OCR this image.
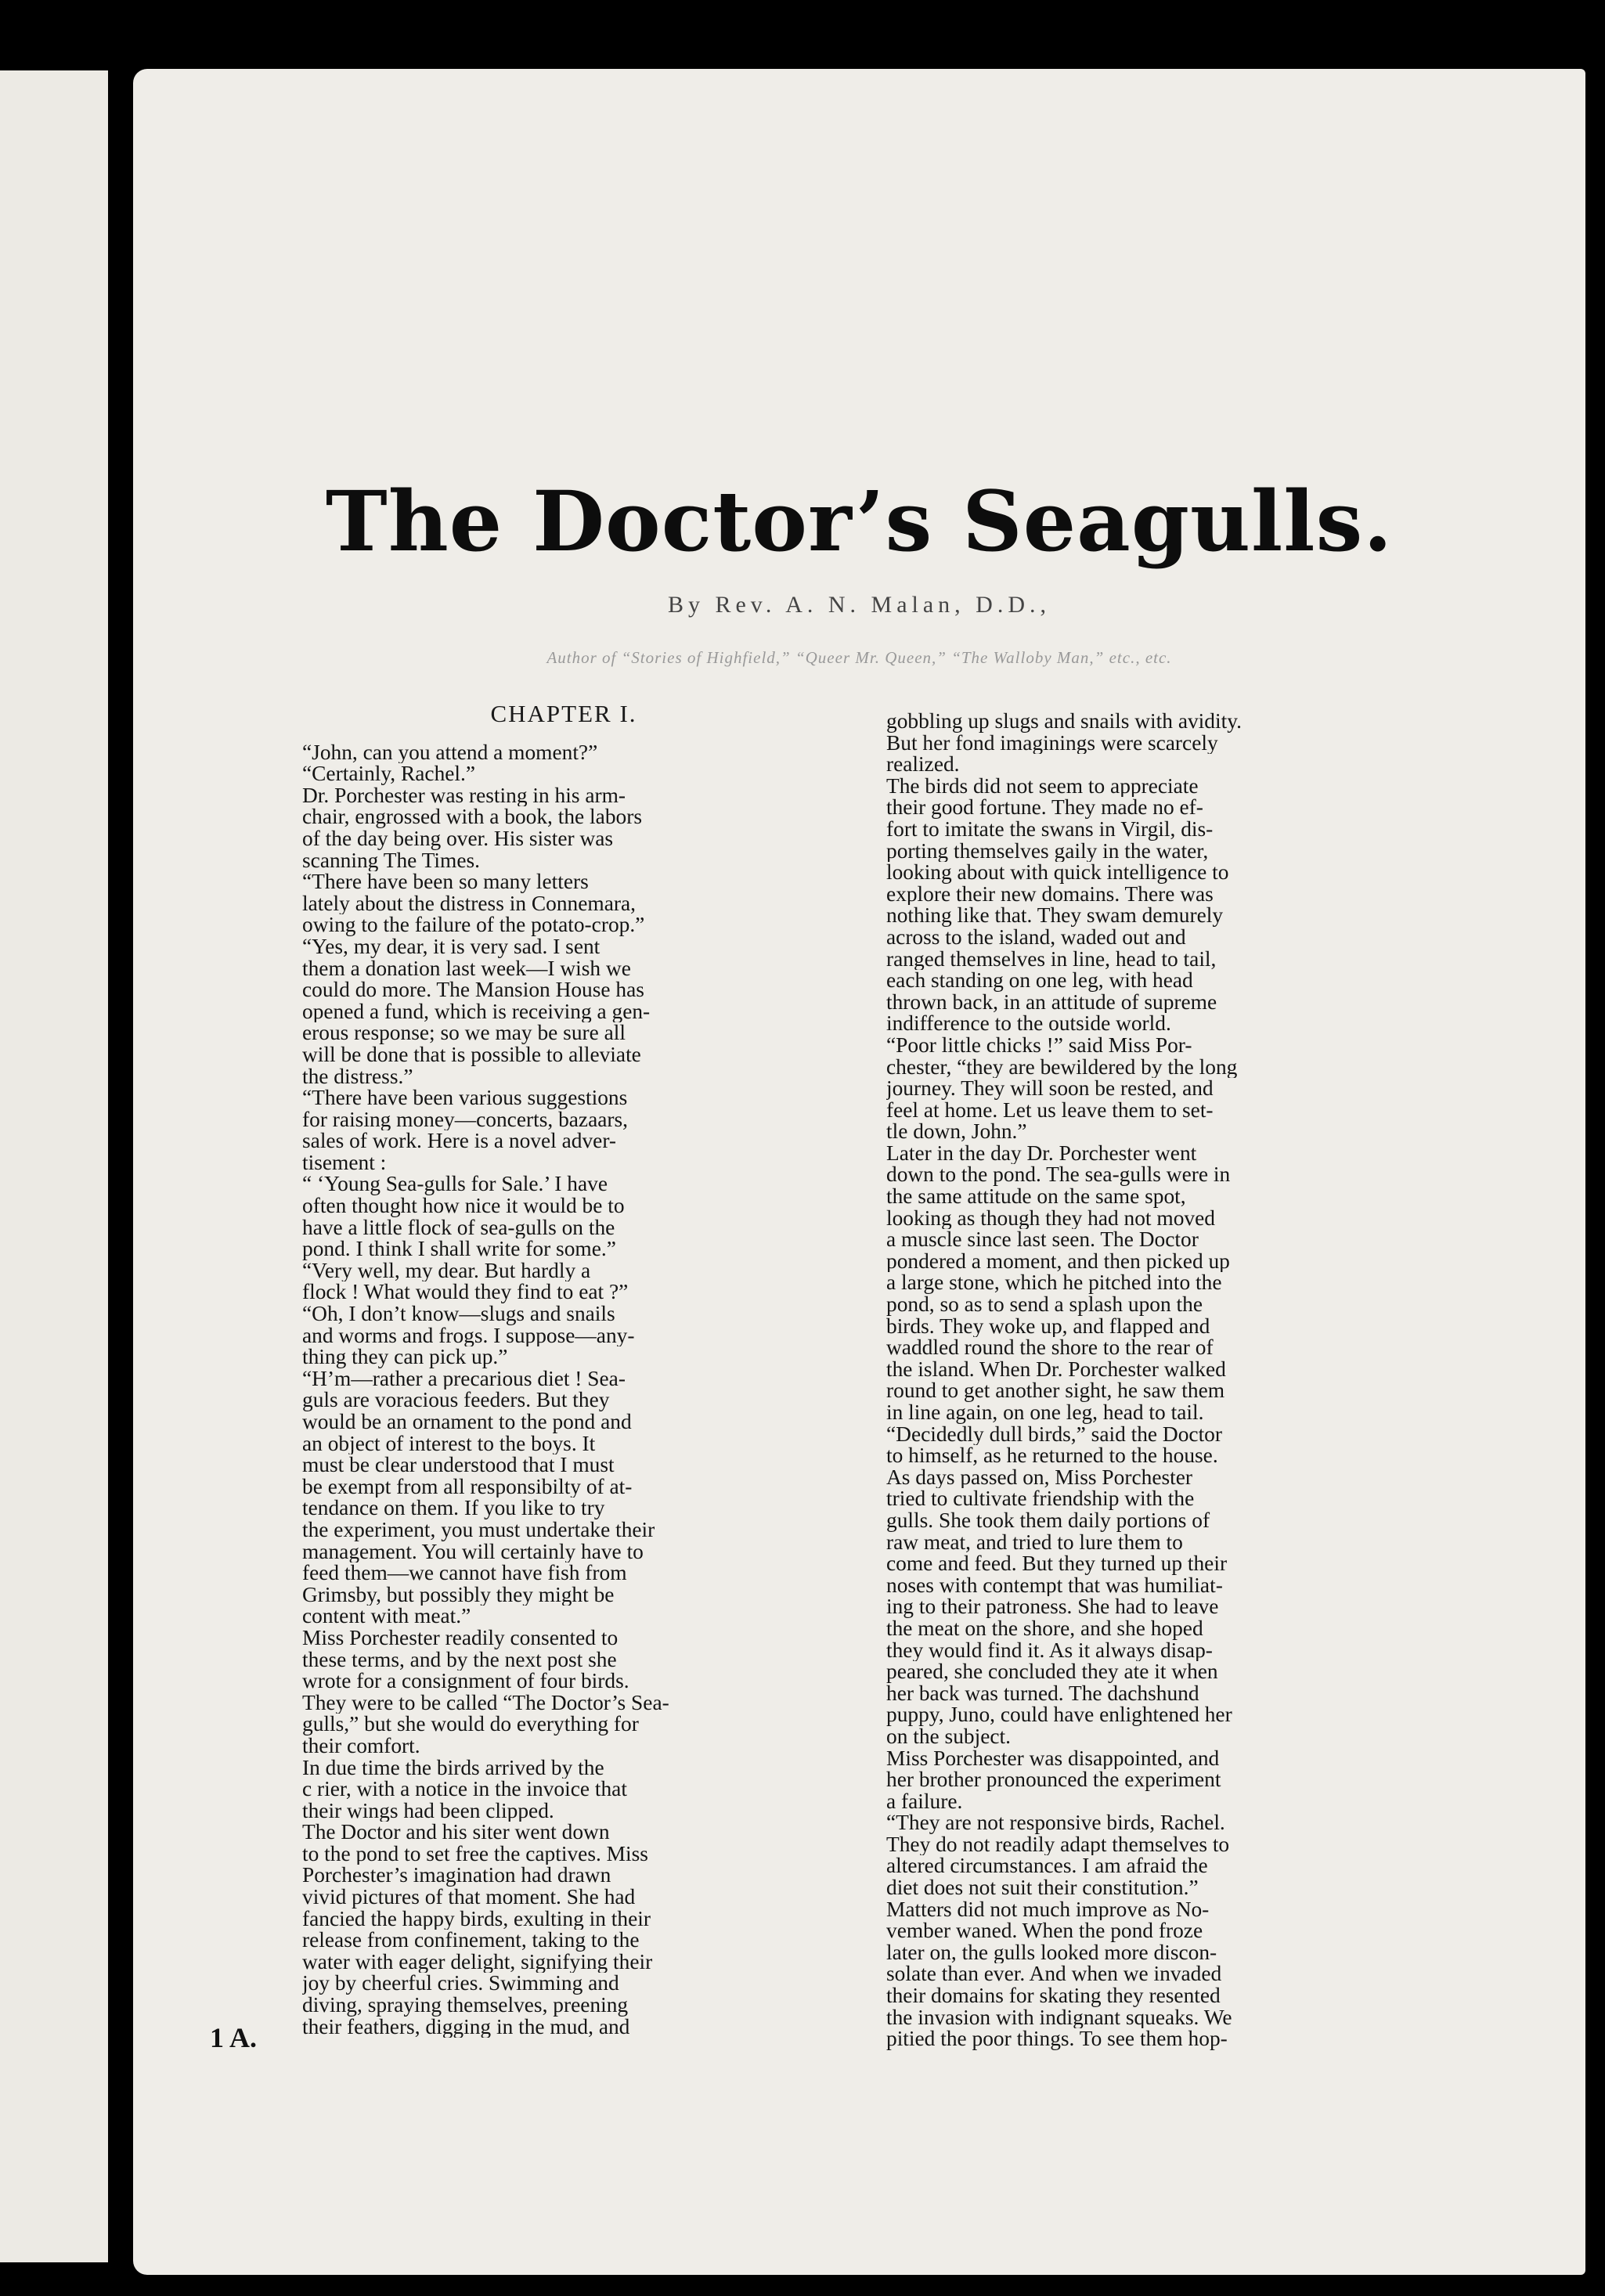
The Doctor’s Seagulls.
By Rev. A. N. Malan, D.D.,
Author of “Stories of Highfield,” “Queer Mr. Queen,” “The Walloby Man,” etc., etc.
CHAPTER I.
“John, can you attend a moment?”
“Certainly, Rachel.”
Dr. Porchester was resting in his arm-
chair, engrossed with a book, the labors
of the day being over. His sister was
scanning The Times.
“There have been so many letters
lately about the distress in Connemara,
owing to the failure of the potato-crop.”
“Yes, my dear, it is very sad. I sent
them a donation last week—I wish we
could do more. The Mansion House has
opened a fund, which is receiving a gen-
erous response; so we may be sure all
will be done that is possible to alleviate
the distress.”
“There have been various suggestions
for raising money—concerts, bazaars,
sales of work. Here is a novel adver-
tisement :
“ ‘Young Sea-gulls for Sale.’ I have
often thought how nice it would be to
have a little flock of sea-gulls on the
pond. I think I shall write for some.”
“Very well, my dear. But hardly a
flock ! What would they find to eat ?”
“Oh, I don’t know—slugs and snails
and worms and frogs. I suppose—any-
thing they can pick up.”
“H’m—rather a precarious diet ! Sea-
guls are voracious feeders. But they
would be an ornament to the pond and
an object of interest to the boys. It
must be clear understood that I must
be exempt from all responsibilty of at-
tendance on them. If you like to try
the experiment, you must undertake their
management. You will certainly have to
feed them—we cannot have fish from
Grimsby, but possibly they might be
content with meat.”
Miss Porchester readily consented to
these terms, and by the next post she
wrote for a consignment of four birds.
They were to be called “The Doctor’s Sea-
gulls,” but she would do everything for
their comfort.
In due time the birds arrived by the
c rier, with a notice in the invoice that
their wings had been clipped.
The Doctor and his siter went down
to the pond to set free the captives. Miss
Porchester’s imagination had drawn
vivid pictures of that moment. She had
fancied the happy birds, exulting in their
release from confinement, taking to the
water with eager delight, signifying their
joy by cheerful cries. Swimming and
diving, spraying themselves, preening
their feathers, digging in the mud, and
gobbling up slugs and snails with avidity.
But her fond imaginings were scarcely
realized.
The birds did not seem to appreciate
their good fortune. They made no ef-
fort to imitate the swans in Virgil, dis-
porting themselves gaily in the water,
looking about with quick intelligence to
explore their new domains. There was
nothing like that. They swam demurely
across to the island, waded out and
ranged themselves in line, head to tail,
each standing on one leg, with head
thrown back, in an attitude of supreme
indifference to the outside world.
“Poor little chicks !” said Miss Por-
chester, “they are bewildered by the long
journey. They will soon be rested, and
feel at home. Let us leave them to set-
tle down, John.”
Later in the day Dr. Porchester went
down to the pond. The sea-gulls were in
the same attitude on the same spot,
looking as though they had not moved
a muscle since last seen. The Doctor
pondered a moment, and then picked up
a large stone, which he pitched into the
pond, so as to send a splash upon the
birds. They woke up, and flapped and
waddled round the shore to the rear of
the island. When Dr. Porchester walked
round to get another sight, he saw them
in line again, on one leg, head to tail.
“Decidedly dull birds,” said the Doctor
to himself, as he returned to the house.
As days passed on, Miss Porchester
tried to cultivate friendship with the
gulls. She took them daily portions of
raw meat, and tried to lure them to
come and feed. But they turned up their
noses with contempt that was humiliat-
ing to their patroness. She had to leave
the meat on the shore, and she hoped
they would find it. As it always disap-
peared, she concluded they ate it when
her back was turned. The dachshund
puppy, Juno, could have enlightened her
on the subject.
Miss Porchester was disappointed, and
her brother pronounced the experiment
a failure.
“They are not responsive birds, Rachel.
They do not readily adapt themselves to
altered circumstances. I am afraid the
diet does not suit their constitution.”
Matters did not much improve as No-
vember waned. When the pond froze
later on, the gulls looked more discon-
solate than ever. And when we invaded
their domains for skating they resented
the invasion with indignant squeaks. We
pitied the poor things. To see them hop-
1 A.
